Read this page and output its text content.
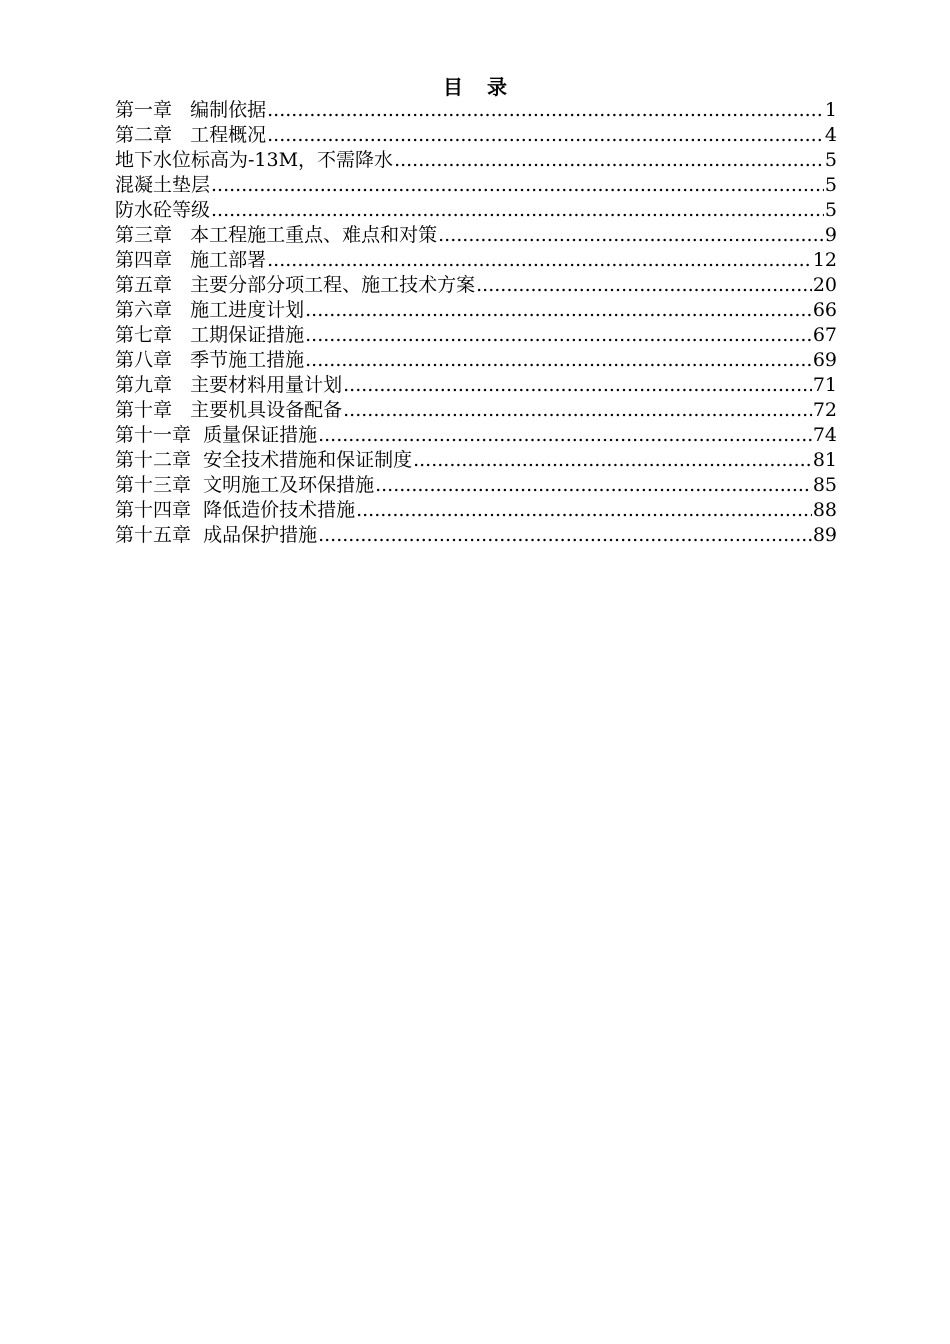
目录
第一章   编制依据 .....	1
第二章   工程概况 .....	4
地下水位标高为-13M，不需降水 .....	5
混凝土垫层 .....	5
防水砼等级 .....	5
第三章   本工程施工重点、难点和对策 .....	9
第四章   施工部署 .....	12
第五章   主要分部分项工程、施工技术方案 .....	20
第六章   施工进度计划 .....	66
第七章   工期保证措施 .....	67
第八章   季节施工措施 .....	69
第九章   主要材料用量计划 .....	71
第十章   主要机具设备配备 .....	72
第十一章  质量保证措施 .....	74
第十二章  安全技术措施和保证制度 .....	81
第十三章  文明施工及环保措施 .....	85
第十四章  降低造价技术措施 .....	88
第十五章  成品保护措施 .....	89
